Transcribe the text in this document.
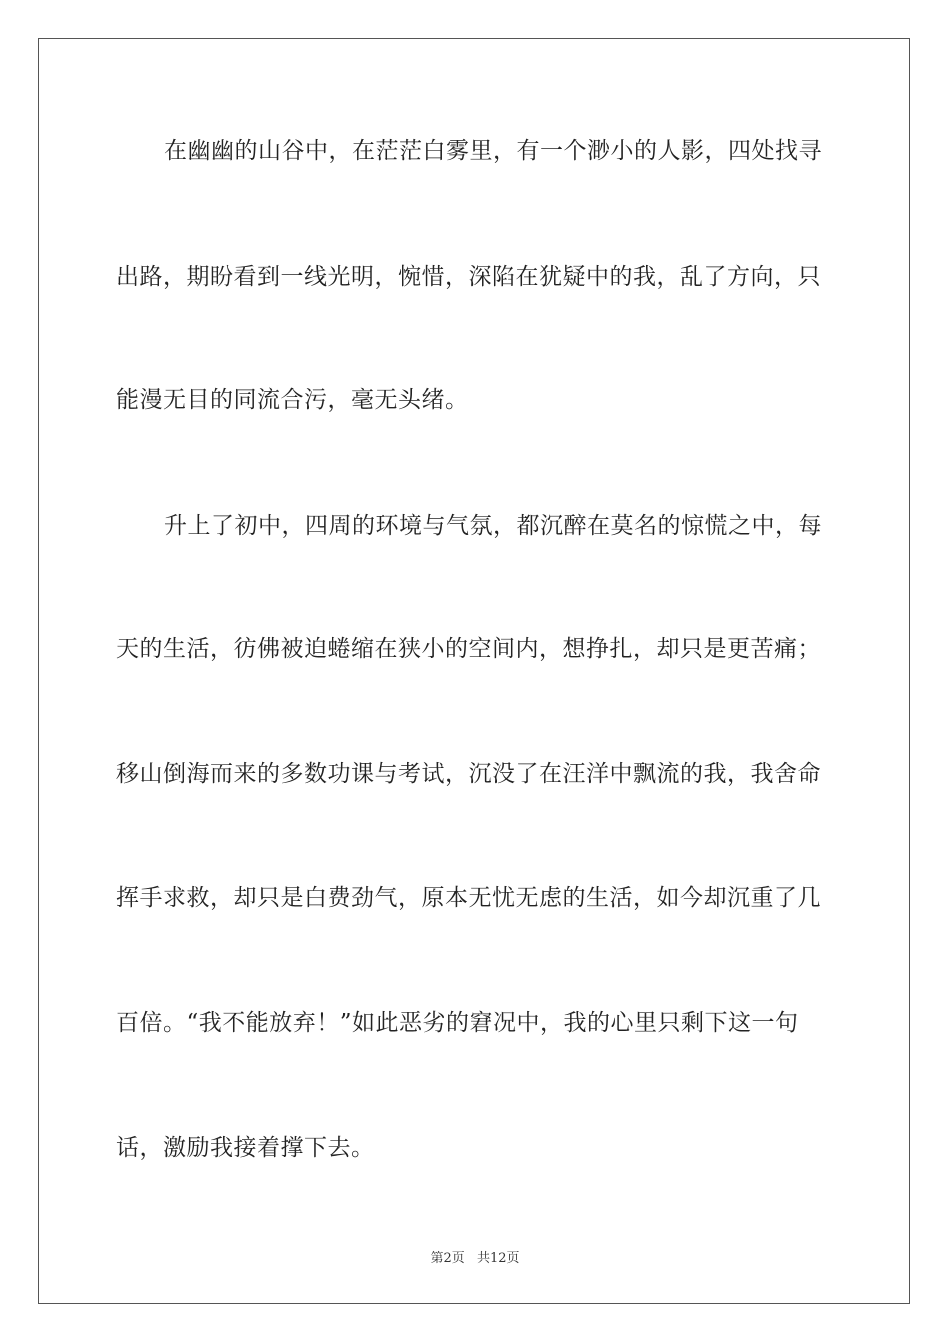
在幽幽的山谷中，在茫茫白雾里，有一个渺小的人影，四处找寻
出路，期盼看到一线光明，惋惜，深陷在犹疑中的我，乱了方向，只
能漫无目的同流合污，毫无头绪。
升上了初中，四周的环境与气氛，都沉醉在莫名的惊慌之中，每
天的生活，彷佛被迫蜷缩在狭小的空间内，想挣扎，却只是更苦痛；
移山倒海而来的多数功课与考试，沉没了在汪洋中飘流的我，我舍命
挥手求救，却只是白费劲气，原本无忧无虑的生活，如今却沉重了几
百倍。“我不能放弃！”如此恶劣的窘况中，我的心里只剩下这一句
话，激励我接着撑下去。
第2页 共12页
